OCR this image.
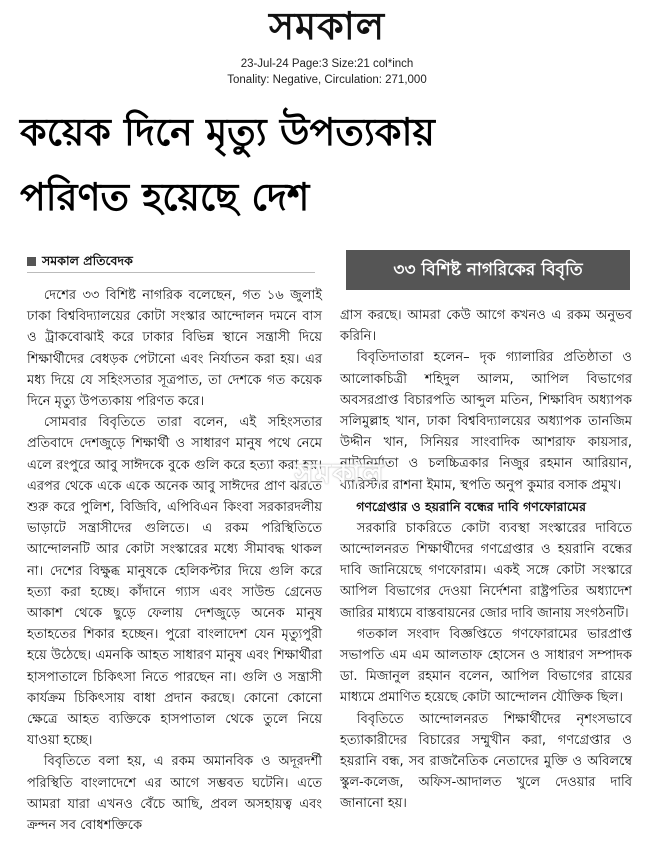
সমকাল
23-Jul-24 Page:3 Size:21 col*inch
Tonality: Negative, Circulation: 271,000
কয়েক দিনে মৃত্যু উপত্যকায়
পরিণত হয়েছে দেশ
সমকাল প্রতিবেদক	৩৩ বিশিষ্ট নাগরিকের বিবৃতি

দেশের ৩৩ বিশিষ্ট নাগরিক বলেছেন, গত ১৬ জুলাই ঢাকা বিশ্ববিদ্যালয়ের কোটা সংস্কার আন্দোলন দমনে বাস ও ট্রাকবোঝাই করে ঢাকার বিভিন্ন স্থানে সন্ত্রাসী দিয়ে শিক্ষার্থীদের বেধড়ক পেটানো এবং নির্যাতন করা হয়। এর মধ্য দিয়ে যে সহিংসতার সূত্রপাত, তা দেশকে গত কয়েক দিনে মৃত্যু উপত্যকায় পরিণত করে।

সোমবার বিবৃতিতে তারা বলেন, এই সহিংসতার প্রতিবাদে দেশজুড়ে শিক্ষার্থী ও সাধারণ মানুষ পথে নেমে এলে রংপুরে আবু সাঈদকে বুকে গুলি করে হত্যা করা হয়। এরপর থেকে একে একে অনেক আবু সাঈদের প্রাণ ঝরতে শুরু করে পুলিশ, বিজিবি, এপিবিএন কিংবা সরকারদলীয় ভাড়াটে সন্ত্রাসীদের গুলিতে। এ রকম পরিস্থিতিতে আন্দোলনটি আর কোটা সংস্কারের মধ্যে সীমাবদ্ধ থাকল না। দেশের বিক্ষুব্ধ মানুষকে হেলিকপ্টার দিয়ে গুলি করে হত্যা করা হচ্ছে। কাঁদানে গ্যাস এবং সাউন্ড গ্রেনেড আকাশ থেকে ছুড়ে ফেলায় দেশজুড়ে অনেক মানুষ হতাহতের শিকার হচ্ছেন। পুরো বাংলাদেশ যেন মৃত্যুপুরী হয়ে উঠেছে। এমনকি আহত সাধারণ মানুষ এবং শিক্ষার্থীরা হাসপাতালে চিকিৎসা নিতে পারছেন না। গুলি ও সন্ত্রাসী কার্যক্রম চিকিৎসায় বাধা প্রদান করছে। কোনো কোনো ক্ষেত্রে আহত ব্যক্তিকে হাসপাতাল থেকে তুলে নিয়ে যাওয়া হচ্ছে।

বিবৃতিতে বলা হয়, এ রকম অমানবিক ও অদূরদর্শী পরিস্থিতি বাংলাদেশে এর আগে সম্ভবত ঘটেনি। এতে আমরা যারা এখনও বেঁচে আছি, প্রবল অসহায়ত্ব এবং ক্রন্দন সব বোধশক্তিকে

গ্রাস করছে। আমরা কেউ আগে কখনও এ রকম অনুভব করিনি।

বিবৃতিদাতারা হলেন– দৃক গ্যালারির প্রতিষ্ঠাতা ও আলোকচিত্রী শহিদুল আলম, আপিল বিভাগের অবসরপ্রাপ্ত বিচারপতি আব্দুল মতিন, শিক্ষাবিদ অধ্যাপক সলিমুল্লাহ খান, ঢাকা বিশ্ববিদ্যালয়ের অধ্যাপক তানজিম উদ্দীন খান, সিনিয়র সাংবাদিক আশরাফ কায়সার, নাট্যনির্মাতা ও চলচ্চিত্রকার নিজুর রহমান আরিয়ান, ব্যারিস্টার রাশনা ইমাম, স্থপতি অনুপ কুমার বসাক প্রমুখ।

গণগ্রেপ্তার ও হয়রানি বন্ধের দাবি গণফোরামের

সরকারি চাকরিতে কোটা ব্যবস্থা সংস্কারের দাবিতে আন্দোলনরত শিক্ষার্থীদের গণগ্রেপ্তার ও হয়রানি বন্ধের দাবি জানিয়েছে গণফোরাম। একই সঙ্গে কোটা সংস্কারে আপিল বিভাগের দেওয়া নির্দেশনা রাষ্ট্রপতির অধ্যাদেশ জারির মাধ্যমে বাস্তবায়নের জোর দাবি জানায় সংগঠনটি।

গতকাল সংবাদ বিজ্ঞপ্তিতে গণফোরামের ভারপ্রাপ্ত সভাপতি এম এম আলতাফ হোসেন ও সাধারণ সম্পাদক ডা. মিজানুল রহমান বলেন, আপিল বিভাগের রায়ের মাধ্যমে প্রমাণিত হয়েছে কোটা আন্দোলন যৌক্তিক ছিল।

বিবৃতিতে আন্দোলনরত শিক্ষার্থীদের নৃশংসভাবে হত্যাকারীদের বিচারের সম্মুখীন করা, গণগ্রেপ্তার ও হয়রানি বন্ধ, সব রাজনৈতিক নেতাদের মুক্তি ও অবিলম্বে স্কুল-কলেজ, অফিস-আদালত খুলে দেওয়ার দাবি জানানো হয়।

সমকাল
